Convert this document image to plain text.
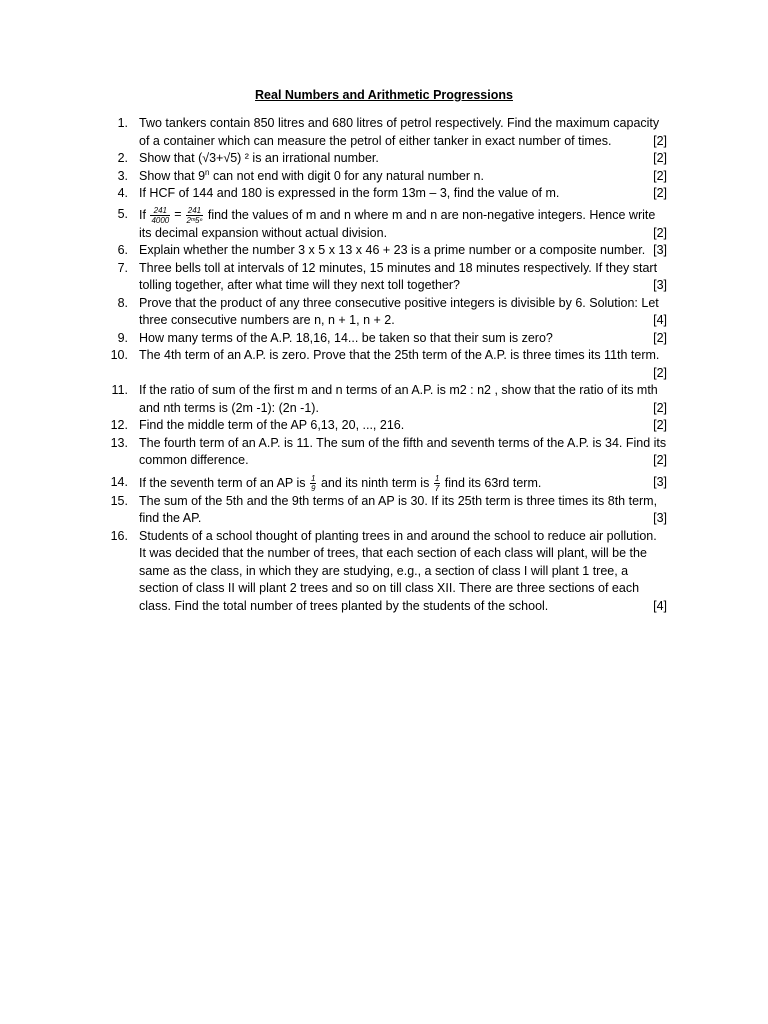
Real Numbers and Arithmetic Progressions
1. Two tankers contain 850 litres and 680 litres of petrol respectively. Find the maximum capacity of a container which can measure the petrol of either tanker in exact number of times.	[2]
2. Show that (√3+√5) ² is an irrational number.	[2]
3. Show that 9$^n$ can not end with digit 0 for any natural number n.	[2]
4. If HCF of 144 and 180 is expressed in the form 13m – 3, find the value of m.	[2]
5. If $\frac{241}{4000} = \frac{241}{\text{2ᵐ5ⁿ}}$ find the values of m and n where m and n are non-negative integers. Hence write its decimal expansion without actual division.	[2]
6. Explain whether the number 3 x 5 x 13 x 46 + 23 is a prime number or a composite number. [3]
7. Three bells toll at intervals of 12 minutes, 15 minutes and 18 minutes respectively. If they start tolling together, after what time will they next toll together?	[3]
8. Prove that the product of any three consecutive positive integers is divisible by 6. Solution: Let three consecutive numbers are n, n + 1, n + 2.	[4]
9. How many terms of the A.P. 18,16, 14... be taken so that their sum is zero?	[2]
10. The 4th term of an A.P. is zero. Prove that the 25th term of the A.P. is three times its 11th term.
[2]
11. If the ratio of sum of the first m and n terms of an A.P. is m2 : n2 , show that the ratio of its mth and nth terms is (2m -1): (2n -1).	[2]
12. Find the middle term of the AP 6,13, 20, ..., 216.	[2]
13. The fourth term of an A.P. is 11. The sum of the fifth and seventh terms of the A.P. is 34. Find its common difference.	[2]
14. If the seventh term of an AP is $\frac{1}{9}$ and its ninth term is $\frac{1}{7}$ find its 63rd term.	[3]
15. The sum of the 5th and the 9th terms of an AP is 30. If its 25th term is three times its 8th term, find the AP.	[3]
16. Students of a school thought of planting trees in and around the school to reduce air pollution. It was decided that the number of trees, that each section of each class will plant, will be the same as the class, in which they are studying, e.g., a section of class I will plant 1 tree, a section of class II will plant 2 trees and so on till class XII. There are three sections of each class. Find the total number of trees planted by the students of the school.	[4]
